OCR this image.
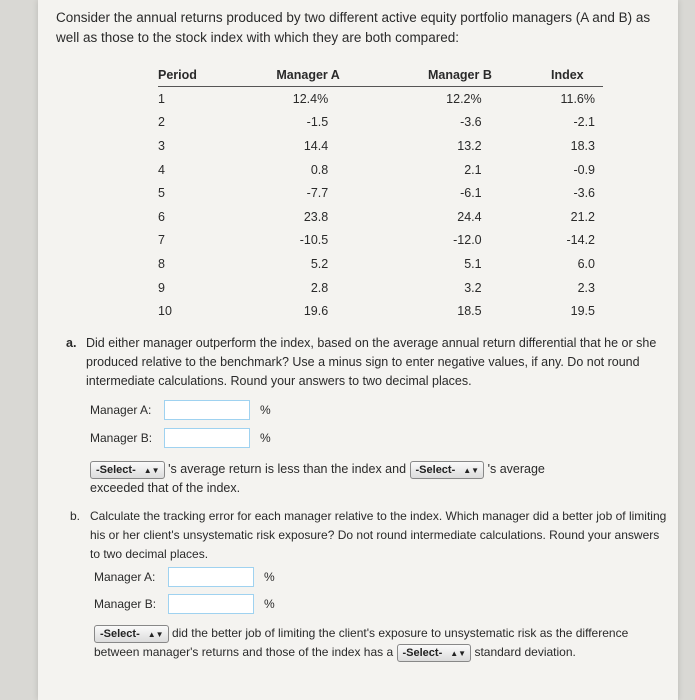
Consider the annual returns produced by two different active equity portfolio managers (A and B) as well as those to the stock index with which they are both compared:
Period	Manager A	Manager B	Index
1	12.4%	12.2%	11.6%
2	-1.5	-3.6	-2.1
3	14.4	13.2	18.3
4	0.8	2.1	-0.9
5	-7.7	-6.1	-3.6
6	23.8	24.4	21.2
7	-10.5	-12.0	-14.2
8	5.2	5.1	6.0
9	2.8	3.2	2.3
10	19.6	18.5	19.5
a. Did either manager outperform the index, based on the average annual return differential that he or she produced relative to the benchmark? Use a minus sign to enter negative values, if any. Do not round intermediate calculations. Round your answers to two decimal places.
Manager A:	%
Manager B:	%
-Select- ▲▼ 's average return is less than the index and -Select- ▲▼ 's average
exceeded that of the index.
b. Calculate the tracking error for each manager relative to the index. Which manager did a better job of limiting his or her client's unsystematic risk exposure? Do not round intermediate calculations. Round your answers to two decimal places.
Manager A:	%
Manager B:	%
-Select- ▲▼ did the better job of limiting the client's exposure to unsystematic risk as the difference between manager's returns and those of the index has a -Select- ▲▼ standard deviation.
